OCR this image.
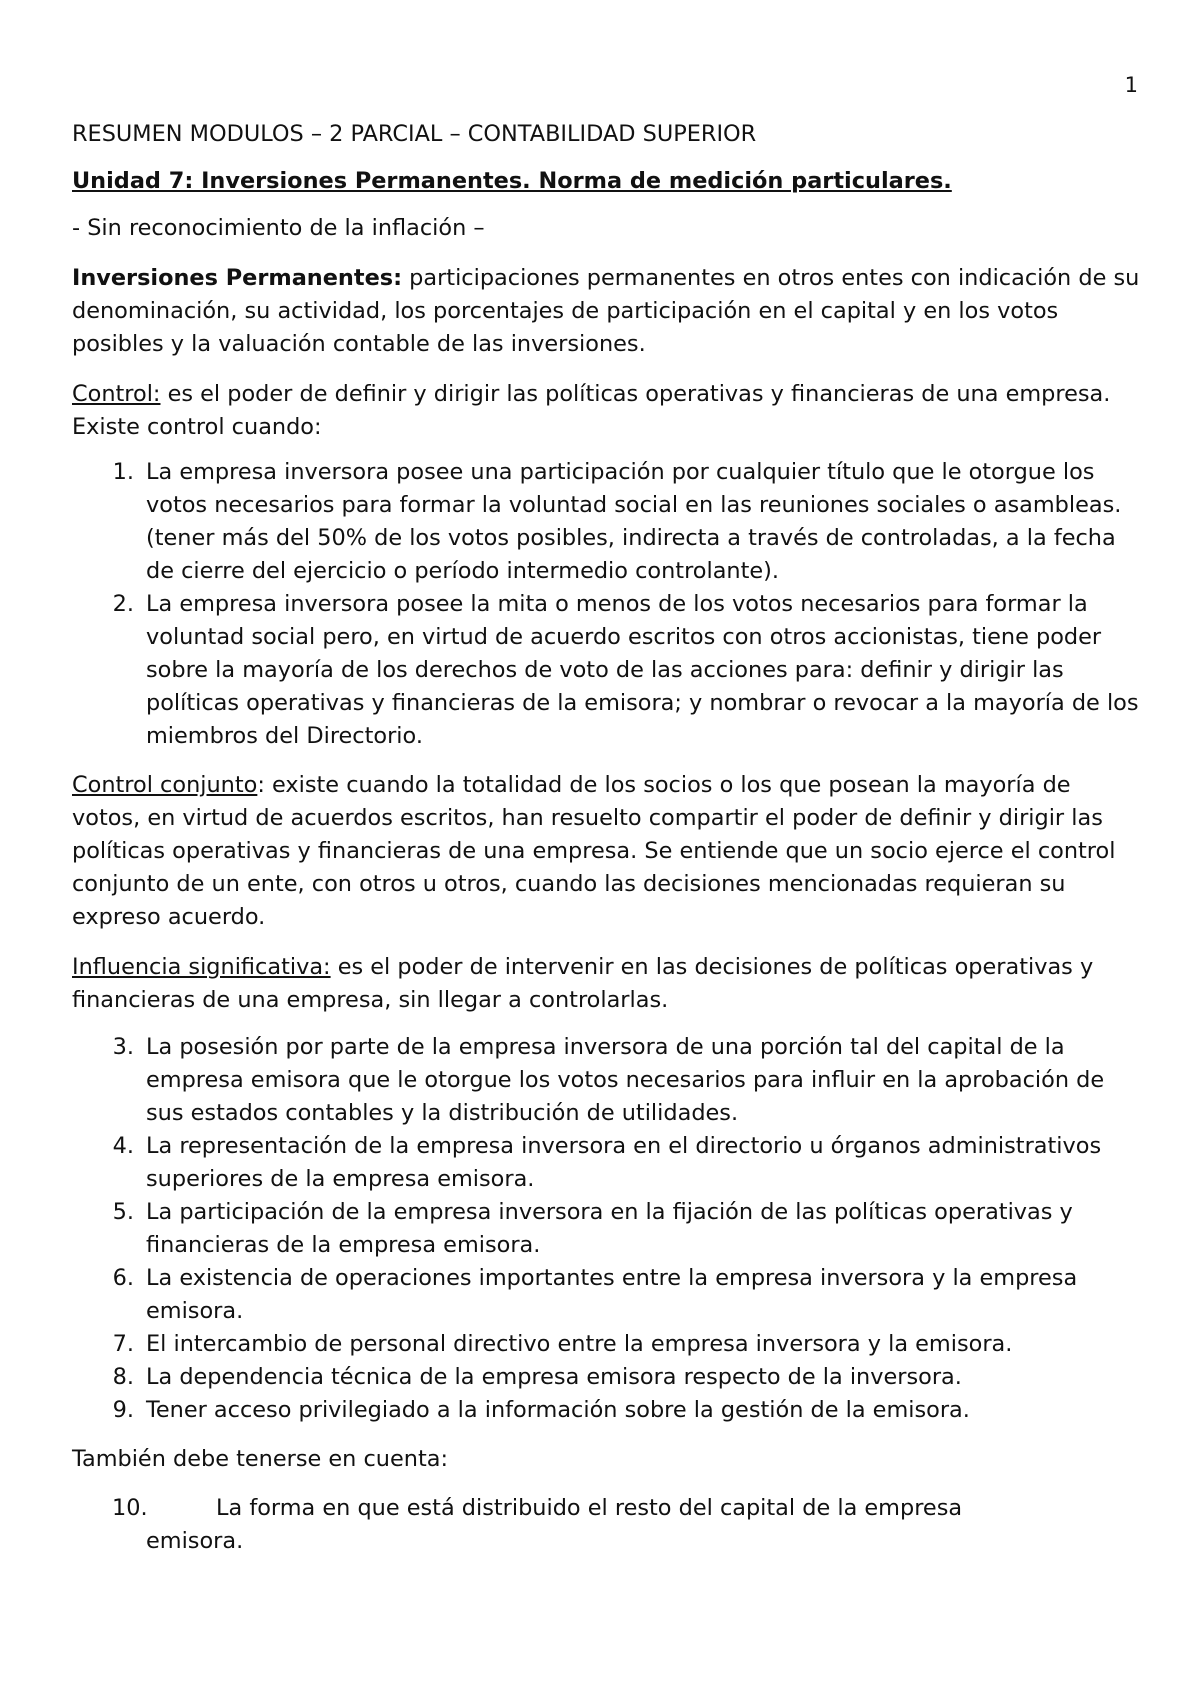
1

RESUMEN MODULOS – 2 PARCIAL – CONTABILIDAD SUPERIOR

Unidad 7: Inversiones Permanentes. Norma de medición particulares.

- Sin reconocimiento de la inflación –

Inversiones Permanentes: participaciones permanentes en otros entes con indicación de su denominación, su actividad, los porcentajes de participación en el capital y en los votos posibles y la valuación contable de las inversiones.

Control: es el poder de definir y dirigir las políticas operativas y financieras de una empresa. Existe control cuando:

1. La empresa inversora posee una participación por cualquier título que le otorgue los votos necesarios para formar la voluntad social en las reuniones sociales o asambleas. (tener más del 50% de los votos posibles, indirecta a través de controladas, a la fecha de cierre del ejercicio o período intermedio controlante).
2. La empresa inversora posee la mita o menos de los votos necesarios para formar la voluntad social pero, en virtud de acuerdo escritos con otros accionistas, tiene poder sobre la mayoría de los derechos de voto de las acciones para: definir y dirigir las políticas operativas y financieras de la emisora; y nombrar o revocar a la mayoría de los miembros del Directorio.

Control conjunto: existe cuando la totalidad de los socios o los que posean la mayoría de votos, en virtud de acuerdos escritos, han resuelto compartir el poder de definir y dirigir las políticas operativas y financieras de una empresa. Se entiende que un socio ejerce el control conjunto de un ente, con otros u otros, cuando las decisiones mencionadas requieran su expreso acuerdo.

Influencia significativa: es el poder de intervenir en las decisiones de políticas operativas y financieras de una empresa, sin llegar a controlarlas.

3. La posesión por parte de la empresa inversora de una porción tal del capital de la empresa emisora que le otorgue los votos necesarios para influir en la aprobación de sus estados contables y la distribución de utilidades.
4. La representación de la empresa inversora en el directorio u órganos administrativos superiores de la empresa emisora.
5. La participación de la empresa inversora en la fijación de las políticas operativas y financieras de la empresa emisora.
6. La existencia de operaciones importantes entre la empresa inversora y la empresa emisora.
7. El intercambio de personal directivo entre la empresa inversora y la emisora.
8. La dependencia técnica de la empresa emisora respecto de la inversora.
9. Tener acceso privilegiado a la información sobre la gestión de la emisora.

También debe tenerse en cuenta:

10.	La forma en que está distribuido el resto del capital de la empresa
emisora.
